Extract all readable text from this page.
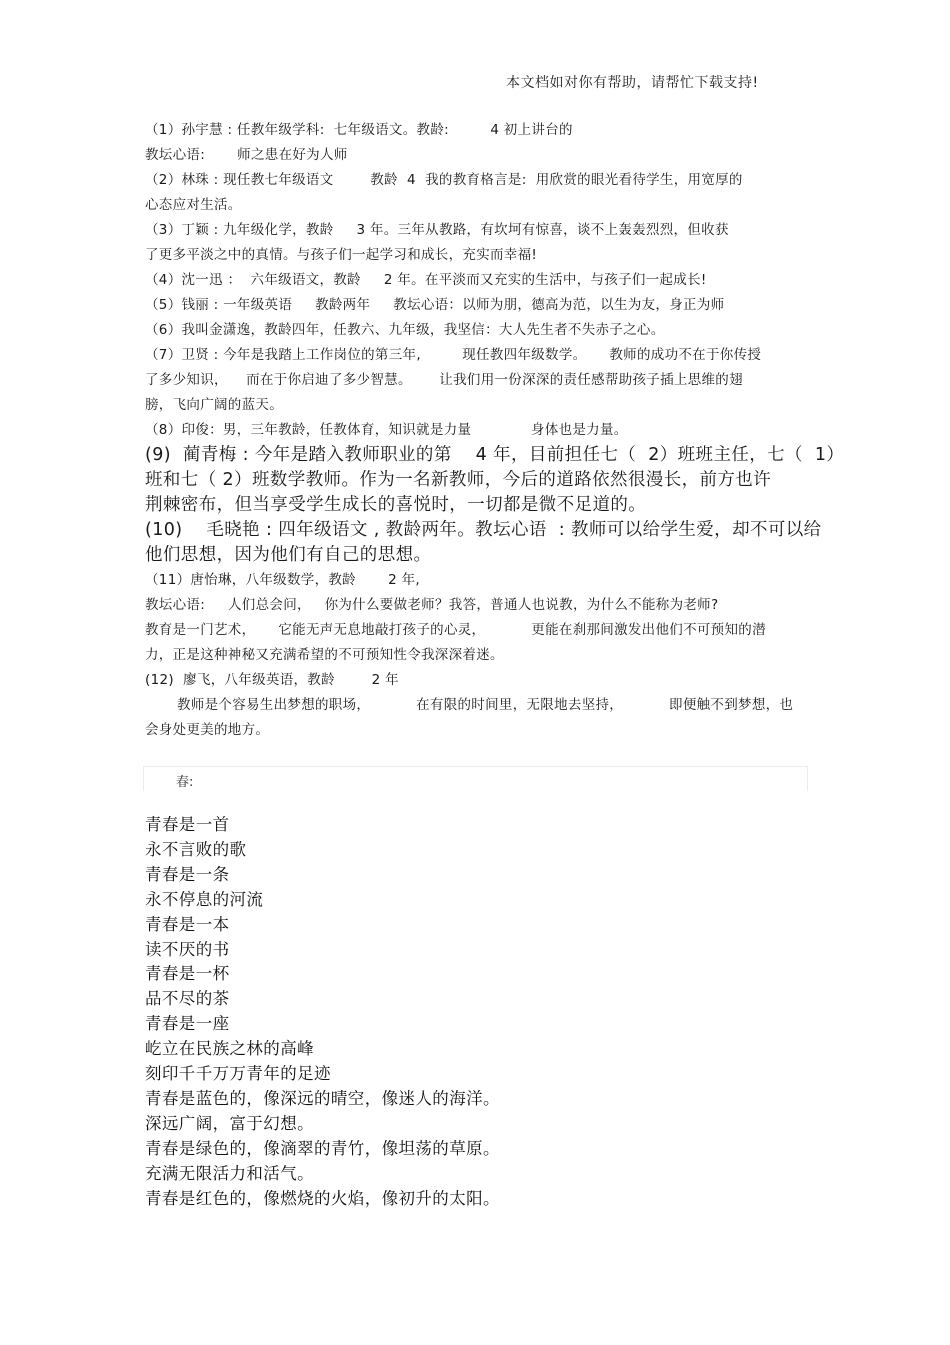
本文档如对你有帮助，请帮忙下载支持!
（1）孙宇慧 : 任教年级学科:  七年级语文。教龄:         4 初上讲台的
教坛心语:       师之患在好为人师
（2）林珠 : 现任教七年级语文        教龄  4  我的教育格言是:  用欣赏的眼光看待学生，用宽厚的
心态应对生活。
（3）丁颖 : 九年级化学，教龄     3 年。三年从教路，有坎坷有惊喜，谈不上轰轰烈烈，但收获
了更多平淡之中的真情。与孩子们一起学习和成长，充实而幸福!
（4）沈一迅 ：  六年级语文，教龄     2 年。在平淡而又充实的生活中，与孩子们一起成长!
（5）钱丽 : 一年级英语     教龄两年     教坛心语：以师为朋，德高为范，以生为友，身正为师
（6）我叫金潇逸，教龄四年，任教六、九年级，我坚信：大人先生者不失赤子之心。
（7）卫贤 : 今年是我踏上工作岗位的第三年,         现任教四年级数学。     教师的成功不在于你传授
了多少知识，    而在于你启迪了多少智慧。      让我们用一份深深的责任感帮助孩子插上思维的翅
膀，飞向广阔的蓝天。
（8）印俊：男，三年教龄，任教体育，知识就是力量             身体也是力量。
(9)  蔺青梅 : 今年是踏入教师职业的第    4 年，目前担任七（  2）班班主任，七（  1）
班和七（ 2）班数学教师。作为一名新教师，今后的道路依然很漫长，前方也许
荆棘密布，但当享受学生成长的喜悦时，一切都是微不足道的。
(10)    毛晓艳 : 四年级语文 , 教龄两年。教坛心语  : 教师可以给学生爱，却不可以给
他们思想，因为他们有自己的思想。
（11）唐怡琳，八年级数学，教龄       2 年,
教坛心语:     人们总会问，   你为什么要做老师？我答，普通人也说教，为什么不能称为老师?
教育是一门艺术，     它能无声无息地敲打孩子的心灵，          更能在刹那间激发出他们不可预知的潜
力，正是这种神秘又充满希望的不可预知性令我深深着迷。
(12)  廖飞，八年级英语，教龄        2 年
教师是个容易生出梦想的职场，          在有限的时间里，无限地去坚持，          即便触不到梦想，也
会身处更美的地方。
春:
青春是一首
永不言败的歌
青春是一条
永不停息的河流
青春是一本
读不厌的书
青春是一杯
品不尽的茶
青春是一座
屹立在民族之林的高峰
刻印千千万万青年的足迹
青春是蓝色的，像深远的晴空，像迷人的海洋。
深远广阔，富于幻想。
青春是绿色的，像滴翠的青竹，像坦荡的草原。
充满无限活力和活气。
青春是红色的，像燃烧的火焰，像初升的太阳。
